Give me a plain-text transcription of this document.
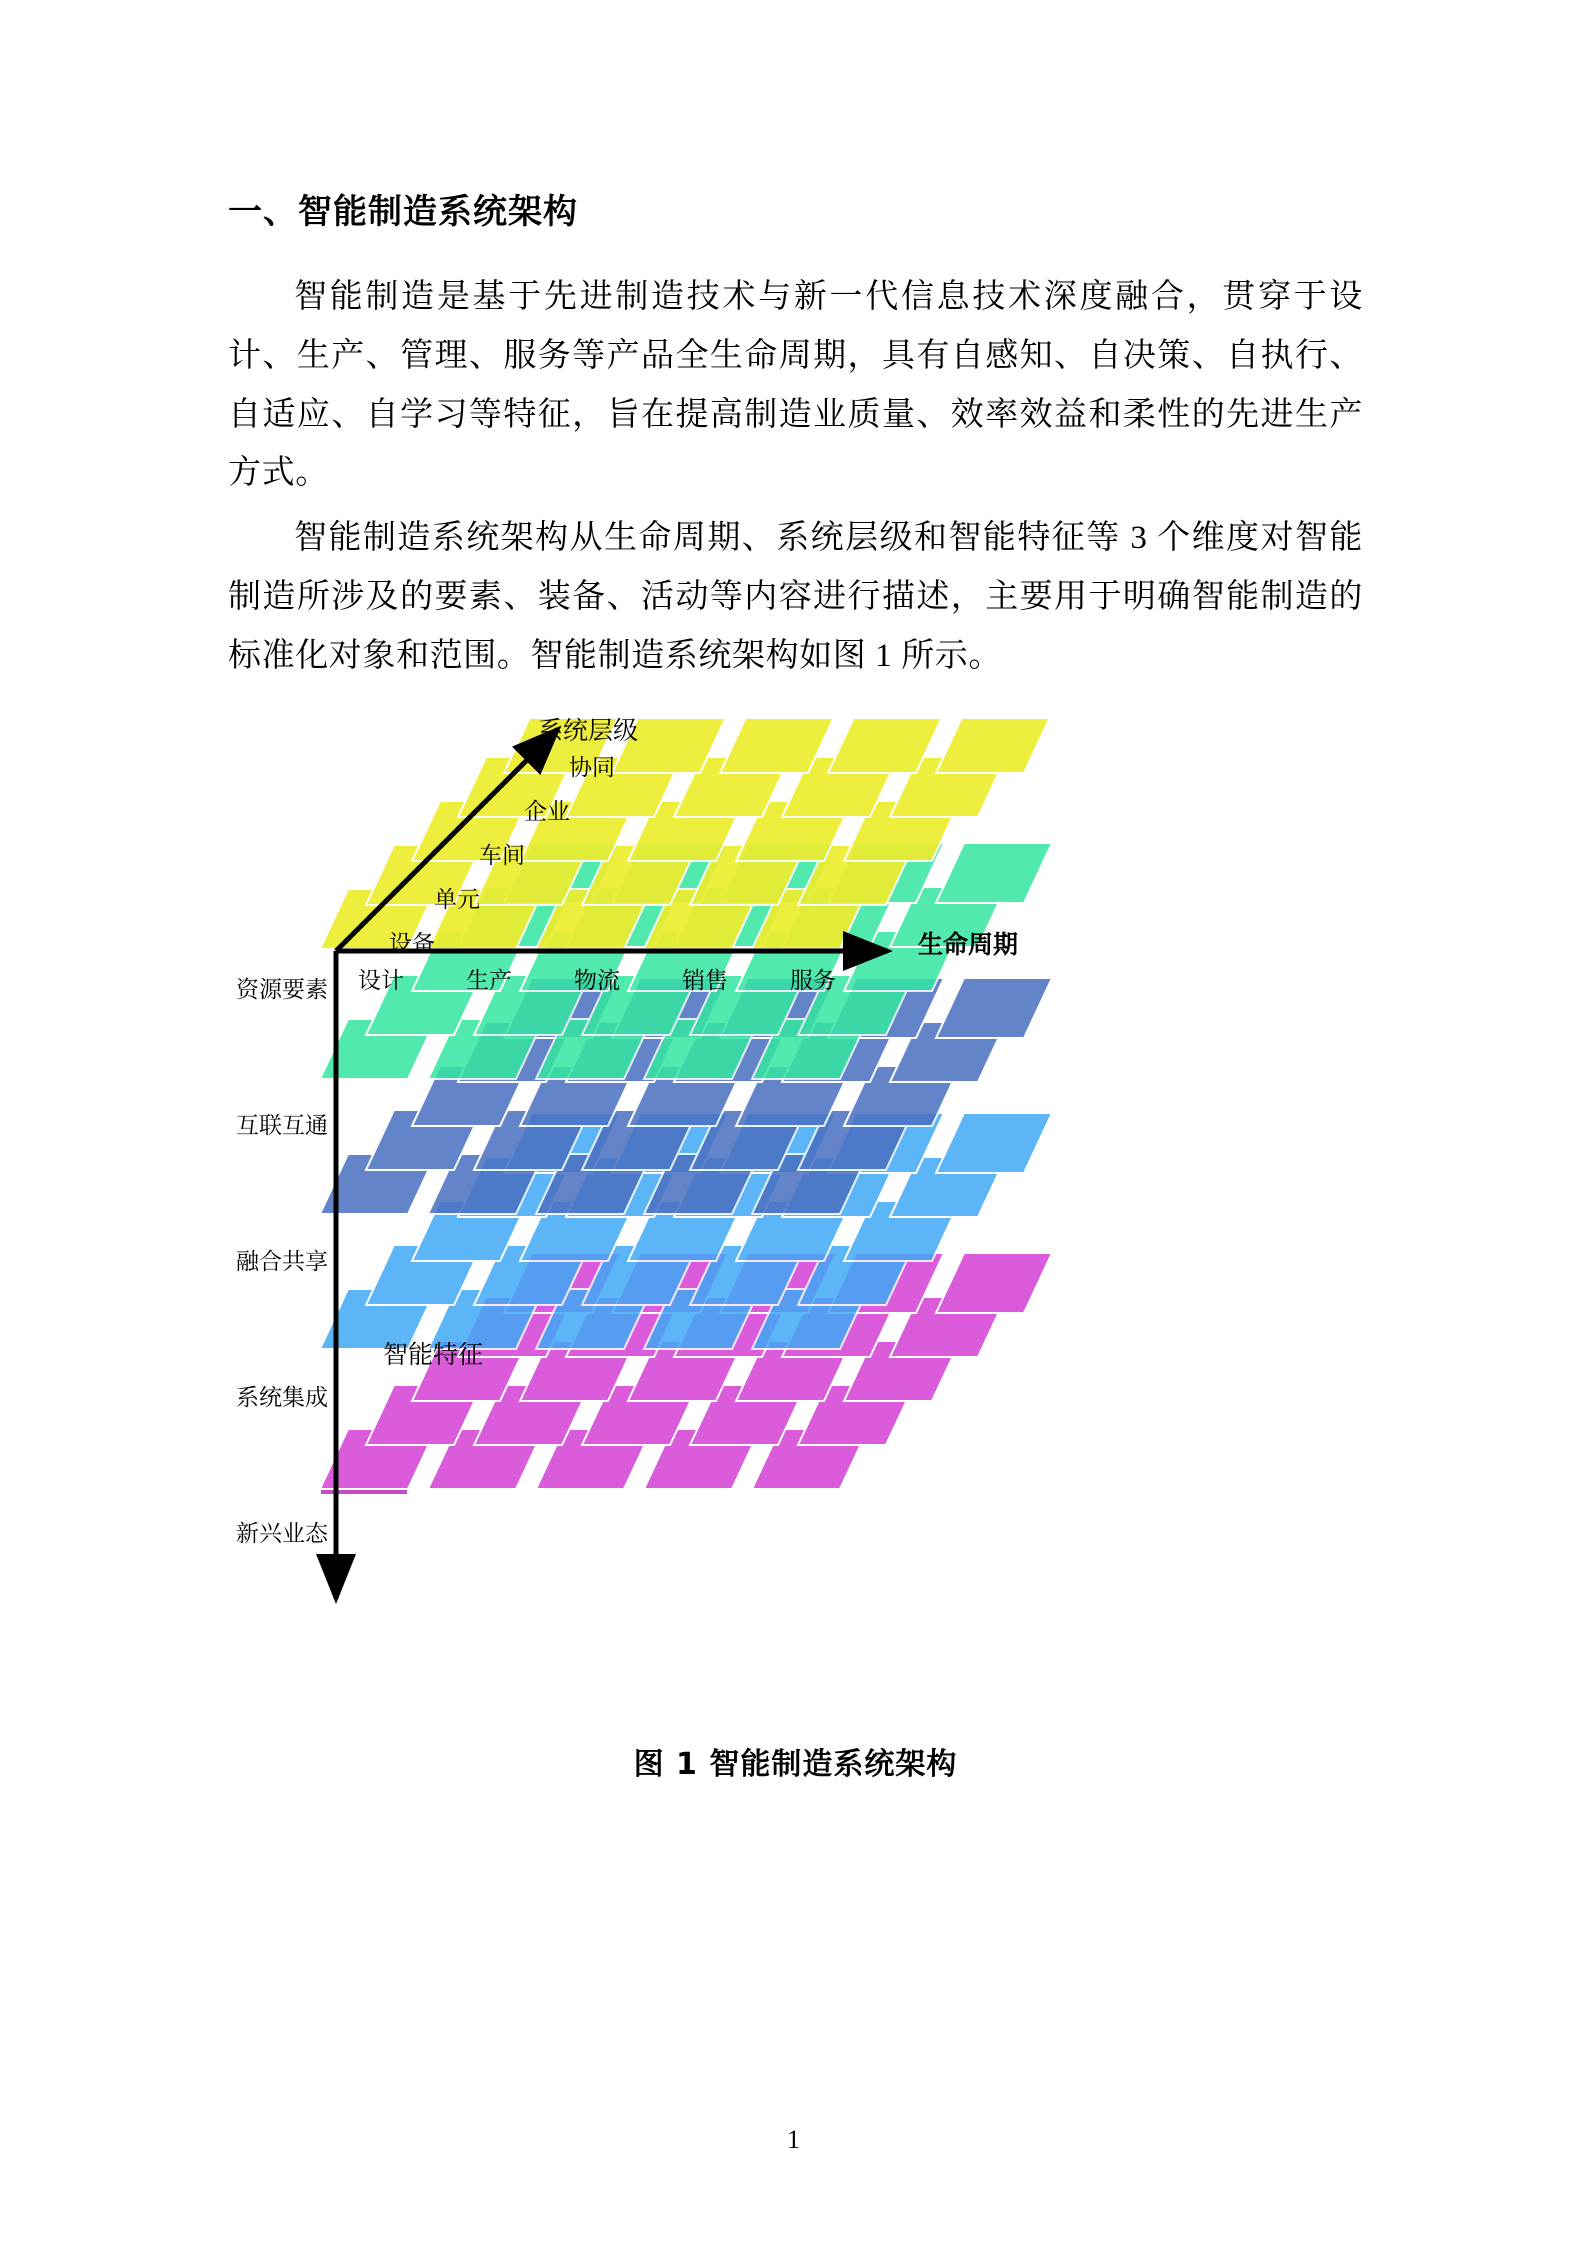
一、智能制造系统架构

智能制造是基于先进制造技术与新一代信息技术深度融合，贯穿于设计、生产、管理、服务等产品全生命周期，具有自感知、自决策、自执行、自适应、自学习等特征，旨在提高制造业质量、效率效益和柔性的先进生产方式。

智能制造系统架构从生命周期、系统层级和智能特征等 3 个维度对智能制造所涉及的要素、装备、活动等内容进行描述，主要用于明确智能制造的标准化对象和范围。智能制造系统架构如图 1 所示。

系统层级
生命周期
智能特征
协同
企业
车间
单元
设备
设计	生产	物流	销售	服务
资源要素
互联互通
融合共享
系统集成
新兴业态
图 1 智能制造系统架构
1
